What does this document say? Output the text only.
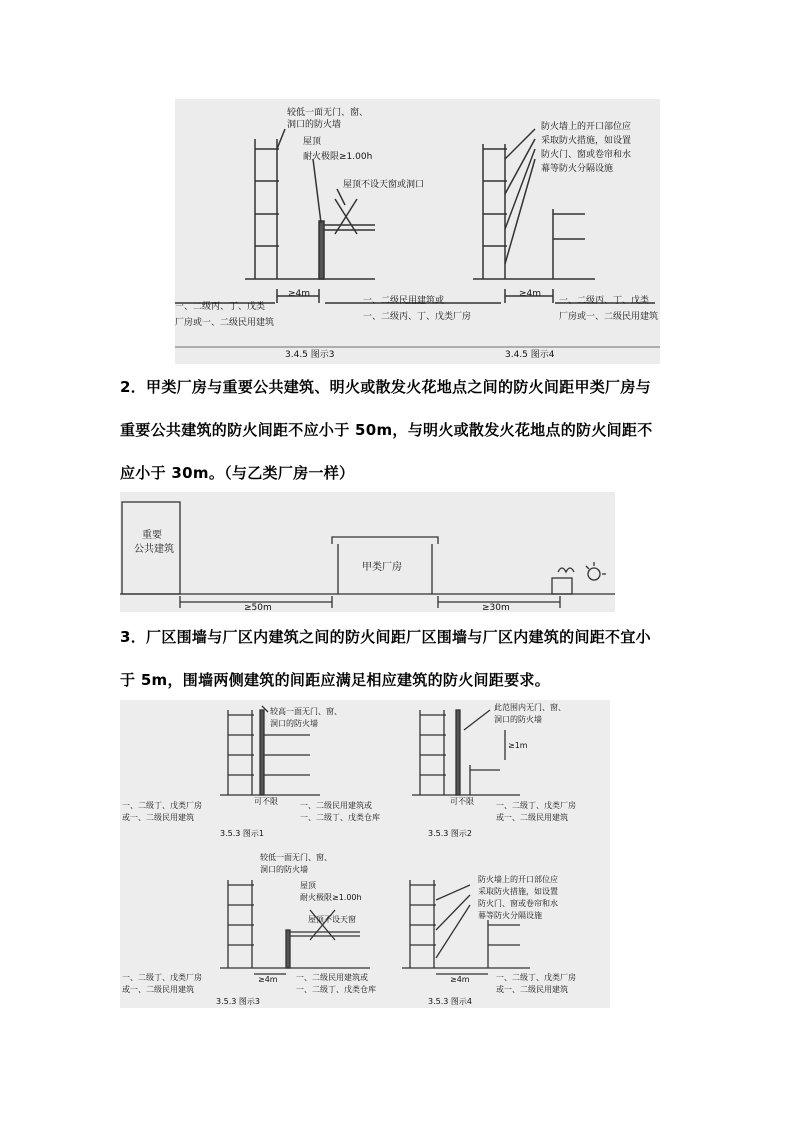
较低一面无门、窗、
洞口的防火墙
屋顶
耐火极限≥1.00h
屋顶不设天窗或洞口
≥4m
一、二级丙、丁、戊类
厂房或一、二级民用建筑
一、二级民用建筑或
一、二级丙、丁、戊类厂房
3.4.5 图示3
防火墙上的开口部位应
采取防火措施，如设置
防火门、窗或卷帘和水
幕等防火分隔设施
≥4m
一、二级丙、丁、戊类
厂房或一、二级民用建筑
3.4.5 图示4

2．甲类厂房与重要公共建筑、明火或散发火花地点之间的防火间距甲类厂房与
重要公共建筑的防火间距不应小于 50m，与明火或散发火花地点的防火间距不
应小于 30m。（与乙类厂房一样）

重要
公共建筑
甲类厂房
≥50m	≥30m

3．厂区围墙与厂区内建筑之间的防火间距厂区围墙与厂区内建筑的间距不宜小
于 5m，围墙两侧建筑的间距应满足相应建筑的防火间距要求。

较高一面无门、窗、
洞口的防火墙
可不限
一、二级丁、戊类厂房
或一、二级民用建筑
一、二级民用建筑或
一、二级丁、戊类仓库
3.5.3 图示1
此范围内无门、窗、
洞口的防火墙
≥1m
可不限	一、二级丁、戊类厂房
或一、二级民用建筑
3.5.3 图示2
较低一面无门、窗、
洞口的防火墙
屋顶
耐火极限≥1.00h
屋顶不设天窗
≥4m
一、二级丁、戊类厂房
或一、二级民用建筑
一、二级民用建筑或
一、二级丁、戊类仓库
3.5.3 图示3
防火墙上的开口部位应
采取防火措施，如设置
防火门、窗或卷帘和水
幕等防火分隔设施
≥4m	一、二级丁、戊类厂房
或一、二级民用建筑
3.5.3 图示4
